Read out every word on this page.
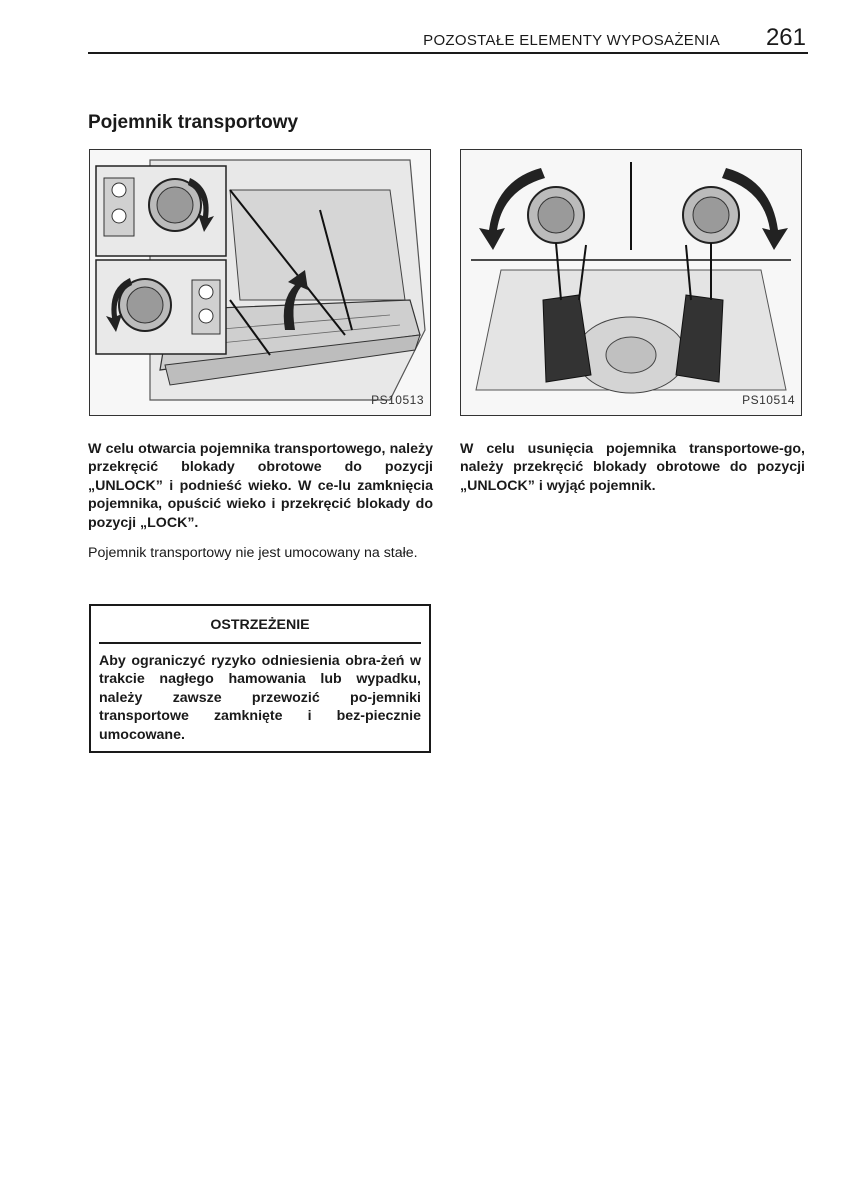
POZOSTAŁE ELEMENTY WYPOSAŻENIA 261
Pojemnik transportowy
PS10513	PS10514

W celu otwarcia pojemnika transportowego, należy przekręcić blokady obrotowe do pozycji „UNLOCK” i podnieść wieko. W ce-lu zamknięcia pojemnika, opuścić wieko i przekręcić blokady do pozycji „LOCK”.

Pojemnik transportowy nie jest umocowany na stałe.

W celu usunięcia pojemnika transportowe-go, należy przekręcić blokady obrotowe do pozycji „UNLOCK” i wyjąć pojemnik.

OSTRZEŻENIE
Aby ograniczyć ryzyko odniesienia obra-żeń w trakcie nagłego hamowania lub wypadku, należy zawsze przewozić po-jemniki transportowe zamknięte i bez-piecznie umocowane.
